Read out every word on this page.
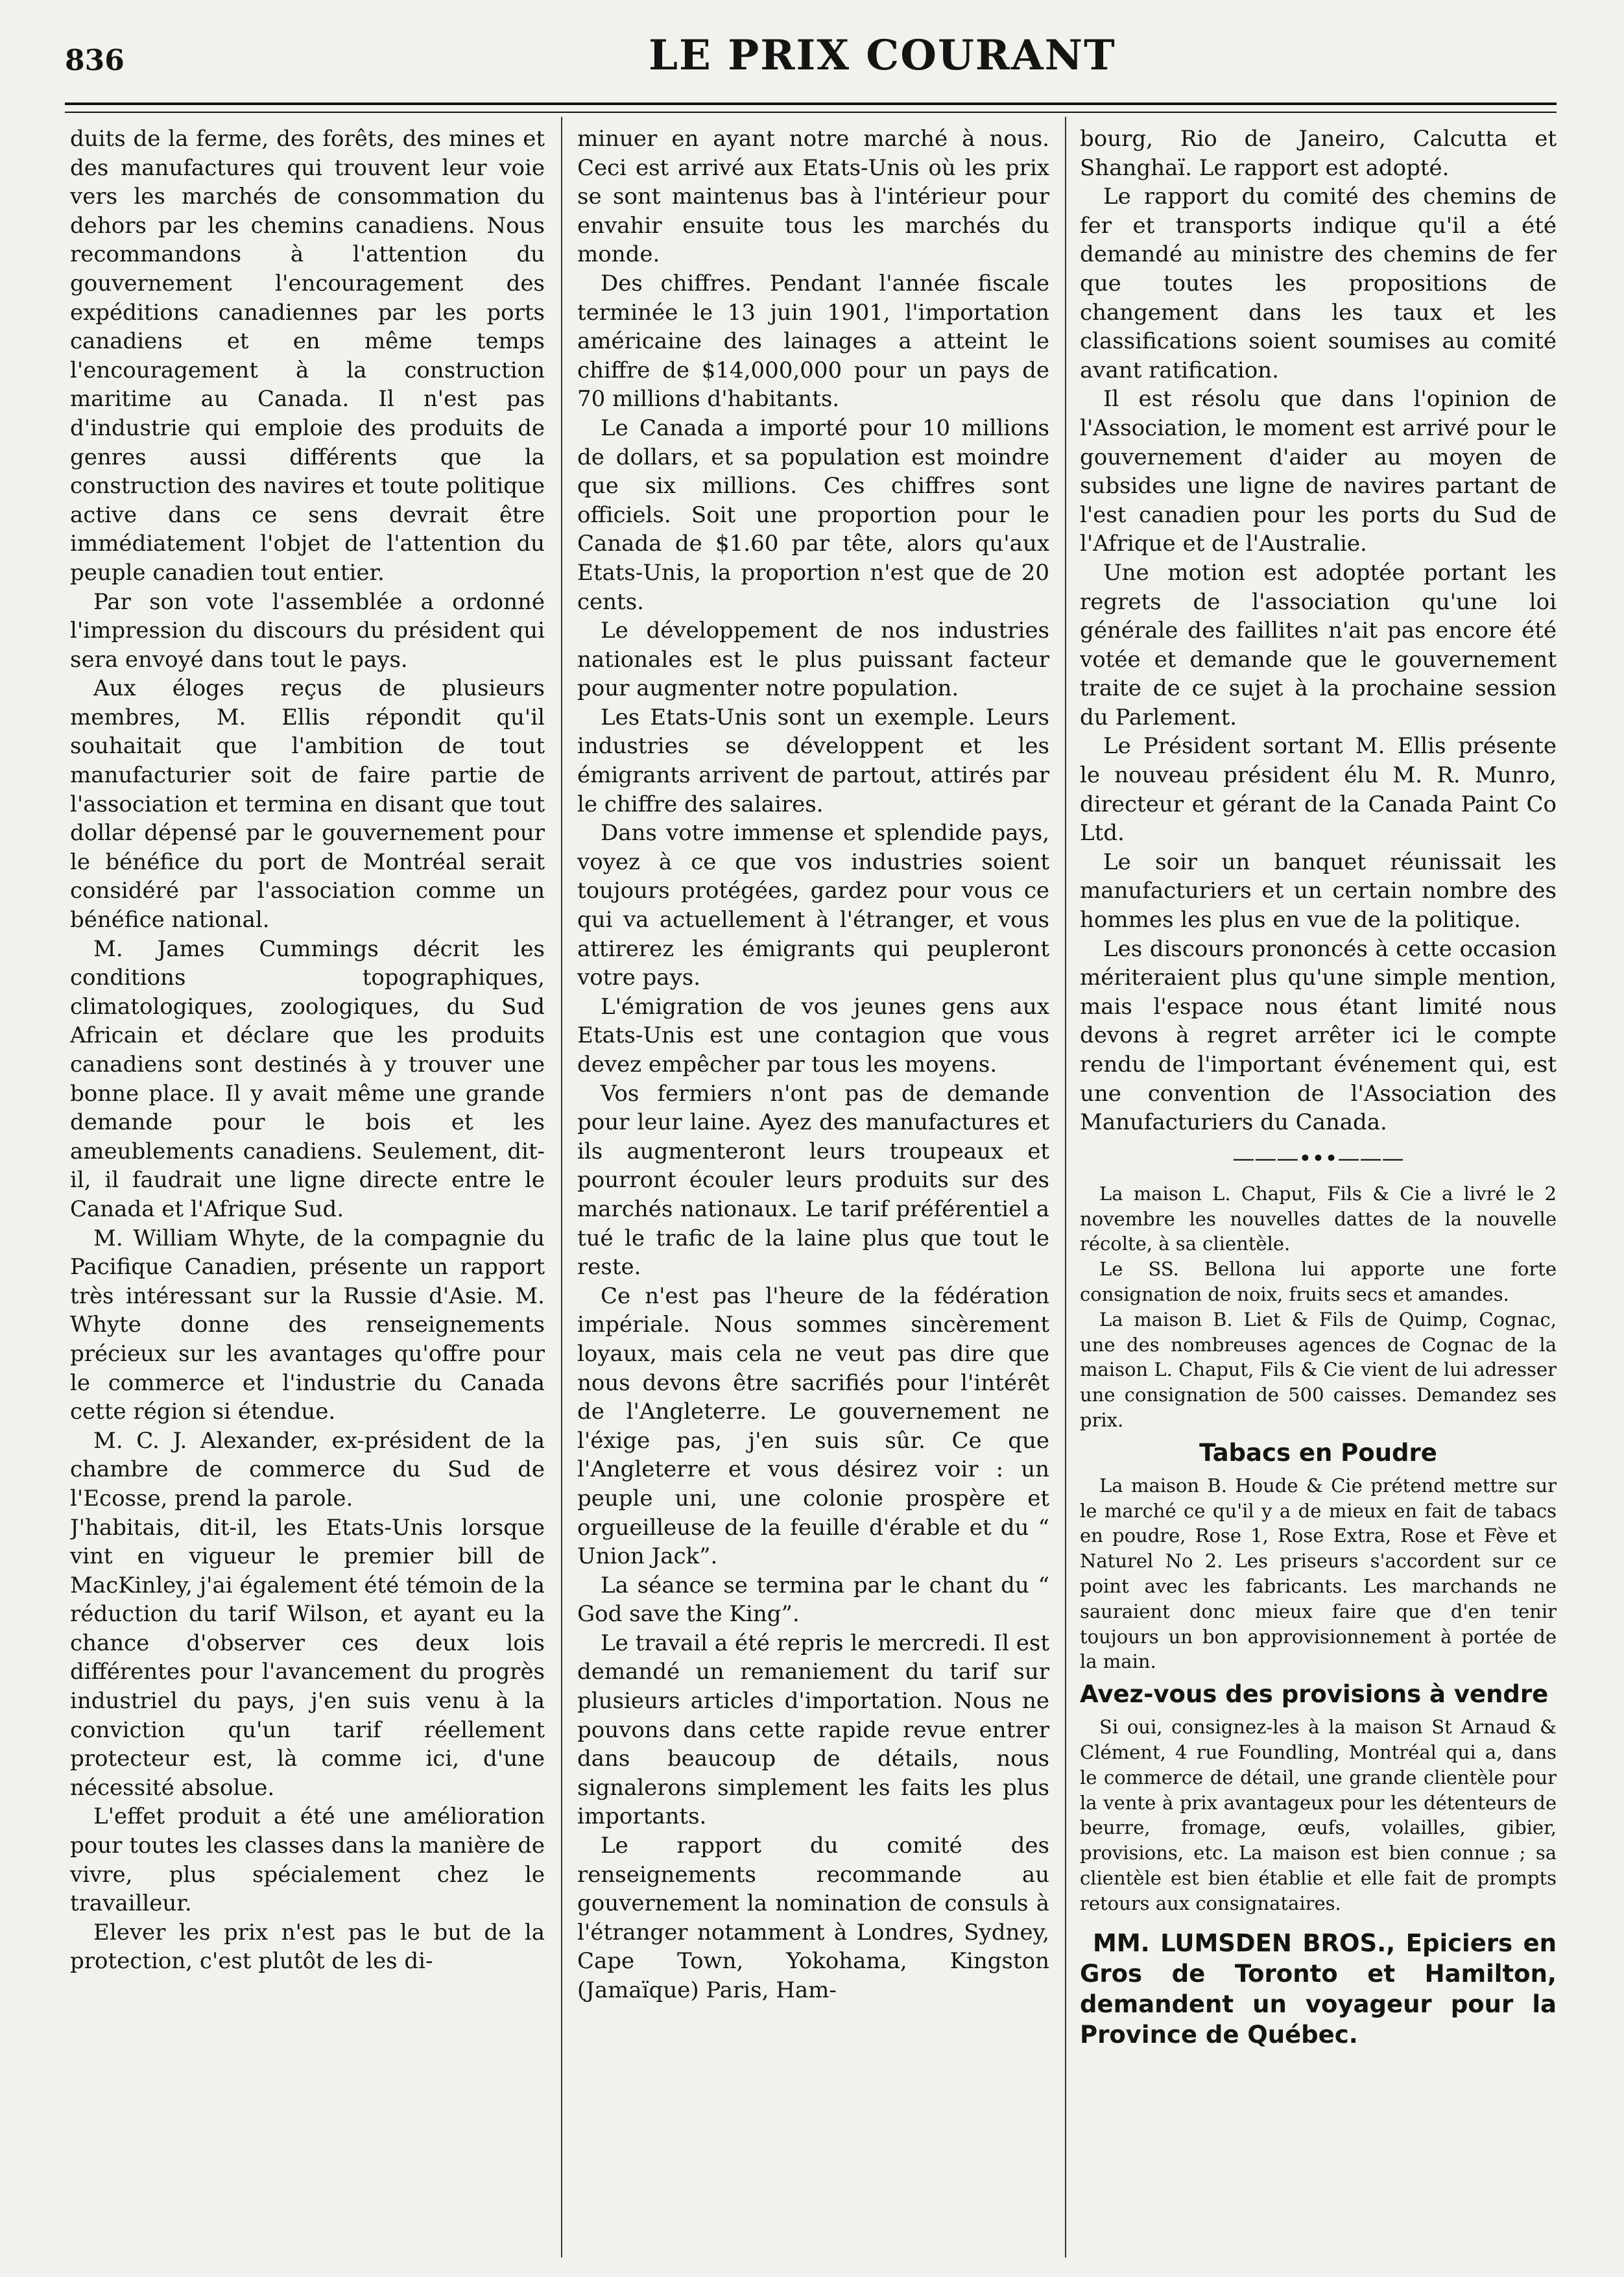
836	LE PRIX COURANT

duits de la ferme, des forêts, des mines et des manufactures qui trouvent leur voie vers les marchés de consommation du dehors par les chemins canadiens. Nous recommandons à l'attention du gouvernement l'encouragement des expéditions canadiennes par les ports canadiens et en même temps l'encouragement à la construction maritime au Canada. Il n'est pas d'industrie qui emploie des produits de genres aussi différents que la construction des navires et toute politique active dans ce sens devrait être immédiatement l'objet de l'attention du peuple canadien tout entier.

Par son vote l'assemblée a ordonné l'impression du discours du président qui sera envoyé dans tout le pays.

Aux éloges reçus de plusieurs membres, M. Ellis répondit qu'il souhaitait que l'ambition de tout manufacturier soit de faire partie de l'association et termina en disant que tout dollar dépensé par le gouvernement pour le bénéfice du port de Montréal serait considéré par l'association comme un bénéfice national.

M. James Cummings décrit les conditions topographiques, climatologiques, zoologiques, du Sud Africain et déclare que les produits canadiens sont destinés à y trouver une bonne place. Il y avait même une grande demande pour le bois et les ameublements canadiens. Seulement, dit-il, il faudrait une ligne directe entre le Canada et l'Afrique Sud.

M. William Whyte, de la compagnie du Pacifique Canadien, présente un rapport très intéressant sur la Russie d'Asie. M. Whyte donne des renseignements précieux sur les avantages qu'offre pour le commerce et l'industrie du Canada cette région si étendue.

M. C. J. Alexander, ex-président de la chambre de commerce du Sud de l'Ecosse, prend la parole.

J'habitais, dit-il, les Etats-Unis lorsque vint en vigueur le premier bill de MacKinley, j'ai également été témoin de la réduction du tarif Wilson, et ayant eu la chance d'observer ces deux lois différentes pour l'avancement du progrès industriel du pays, j'en suis venu à la conviction qu'un tarif réellement protecteur est, là comme ici, d'une nécessité absolue.

L'effet produit a été une amélioration pour toutes les classes dans la manière de vivre, plus spécialement chez le travailleur.

Elever les prix n'est pas le but de la protection, c'est plutôt de les di-

minuer en ayant notre marché à nous. Ceci est arrivé aux Etats-Unis où les prix se sont maintenus bas à l'intérieur pour envahir ensuite tous les marchés du monde.

Des chiffres. Pendant l'année fiscale terminée le 13 juin 1901, l'importation américaine des lainages a atteint le chiffre de $14,000,000 pour un pays de 70 millions d'habitants.

Le Canada a importé pour 10 millions de dollars, et sa population est moindre que six millions. Ces chiffres sont officiels. Soit une proportion pour le Canada de $1.60 par tête, alors qu'aux Etats-Unis, la proportion n'est que de 20 cents.

Le développement de nos industries nationales est le plus puissant facteur pour augmenter notre population.

Les Etats-Unis sont un exemple. Leurs industries se développent et les émigrants arrivent de partout, attirés par le chiffre des salaires.

Dans votre immense et splendide pays, voyez à ce que vos industries soient toujours protégées, gardez pour vous ce qui va actuellement à l'étranger, et vous attirerez les émigrants qui peupleront votre pays.

L'émigration de vos jeunes gens aux Etats-Unis est une contagion que vous devez empêcher par tous les moyens.

Vos fermiers n'ont pas de demande pour leur laine. Ayez des manufactures et ils augmenteront leurs troupeaux et pourront écouler leurs produits sur des marchés nationaux. Le tarif préférentiel a tué le trafic de la laine plus que tout le reste.

Ce n'est pas l'heure de la fédération impériale. Nous sommes sincèrement loyaux, mais cela ne veut pas dire que nous devons être sacrifiés pour l'intérêt de l'Angleterre. Le gouvernement ne l'éxige pas, j'en suis sûr. Ce que l'Angleterre et vous désirez voir : un peuple uni, une colonie prospère et orgueilleuse de la feuille d'érable et du “ Union Jack”.

La séance se termina par le chant du “ God save the King”.

Le travail a été repris le mercredi. Il est demandé un remaniement du tarif sur plusieurs articles d'importation. Nous ne pouvons dans cette rapide revue entrer dans beaucoup de détails, nous signalerons simplement les faits les plus importants.

Le rapport du comité des renseignements recommande au gouvernement la nomination de consuls à l'étranger notamment à Londres, Sydney, Cape Town, Yokohama, Kingston (Jamaïque) Paris, Ham-

bourg, Rio de Janeiro, Calcutta et Shanghaï. Le rapport est adopté.

Le rapport du comité des chemins de fer et transports indique qu'il a été demandé au ministre des chemins de fer que toutes les propositions de changement dans les taux et les classifications soient soumises au comité avant ratification.

Il est résolu que dans l'opinion de l'Association, le moment est arrivé pour le gouvernement d'aider au moyen de subsides une ligne de navires partant de l'est canadien pour les ports du Sud de l'Afrique et de l'Australie.

Une motion est adoptée portant les regrets de l'association qu'une loi générale des faillites n'ait pas encore été votée et demande que le gouvernement traite de ce sujet à la prochaine session du Parlement.

Le Président sortant M. Ellis présente le nouveau président élu M. R. Munro, directeur et gérant de la Canada Paint Co Ltd.

Le soir un banquet réunissait les manufacturiers et un certain nombre des hommes les plus en vue de la politique.

Les discours prononcés à cette occasion mériteraient plus qu'une simple mention, mais l'espace nous étant limité nous devons à regret arrêter ici le compte rendu de l'important événement qui, est une convention de l'Association des Manufacturiers du Canada.

———•••———

La maison L. Chaput, Fils & Cie a livré le 2 novembre les nouvelles dattes de la nouvelle récolte, à sa clientèle.

Le SS. Bellona lui apporte une forte consignation de noix, fruits secs et amandes.

La maison B. Liet & Fils de Quimp, Cognac, une des nombreuses agences de Cognac de la maison L. Chaput, Fils & Cie vient de lui adresser une consignation de 500 caisses. Demandez ses prix.

Tabacs en Poudre

La maison B. Houde & Cie prétend mettre sur le marché ce qu'il y a de mieux en fait de tabacs en poudre, Rose 1, Rose Extra, Rose et Fève et Naturel No 2. Les priseurs s'accordent sur ce point avec les fabricants. Les marchands ne sauraient donc mieux faire que d'en tenir toujours un bon approvisionnement à portée de la main.

Avez-vous des provisions à vendre

Si oui, consignez-les à la maison St Arnaud & Clément, 4 rue Foundling, Montréal qui a, dans le commerce de détail, une grande clientèle pour la vente à prix avantageux pour les détenteurs de beurre, fromage, œufs, volailles, gibier, provisions, etc. La maison est bien connue ; sa clientèle est bien établie et elle fait de prompts retours aux consignataires.

MM. LUMSDEN BROS., Epiciers en Gros de Toronto et Hamilton, demandent un voyageur pour la Province de Québec.
